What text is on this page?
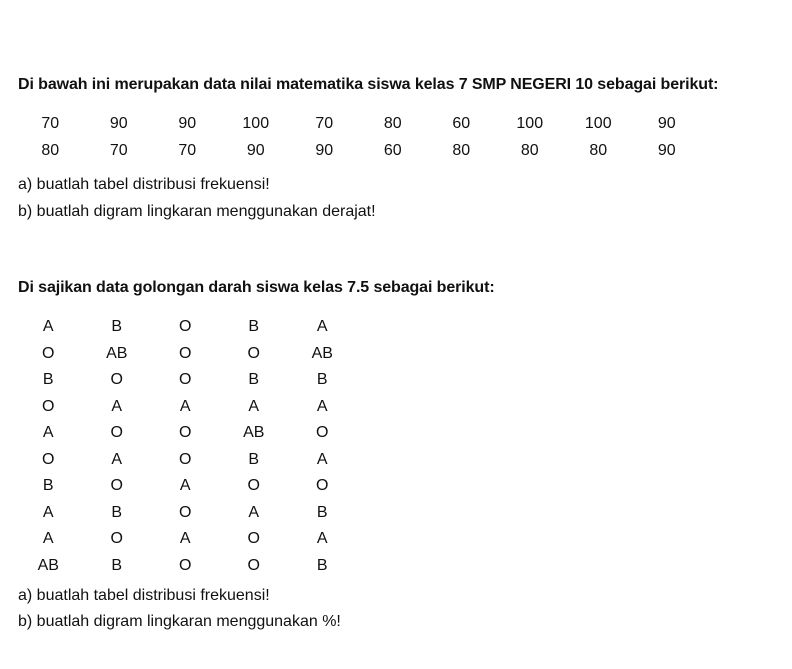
Di bawah ini merupakan data nilai matematika siswa kelas 7 SMP NEGERI 10 sebagai berikut:
70	90	90	100	70	80	60	100	100	90
80	70	70	90	90	60	80	80	80	90
a) buatlah tabel distribusi frekuensi!
b) buatlah digram lingkaran menggunakan derajat!
Di sajikan data golongan darah siswa kelas 7.5 sebagai berikut:
A	B	O	B	A
O	AB	O	O	AB
B	O	O	B	B
O	A	A	A	A
A	O	O	AB	O
O	A	O	B	A
B	O	A	O	O
A	B	O	A	B
A	O	A	O	A
AB	B	O	O	B
a) buatlah tabel distribusi frekuensi!
b) buatlah digram lingkaran menggunakan %!
